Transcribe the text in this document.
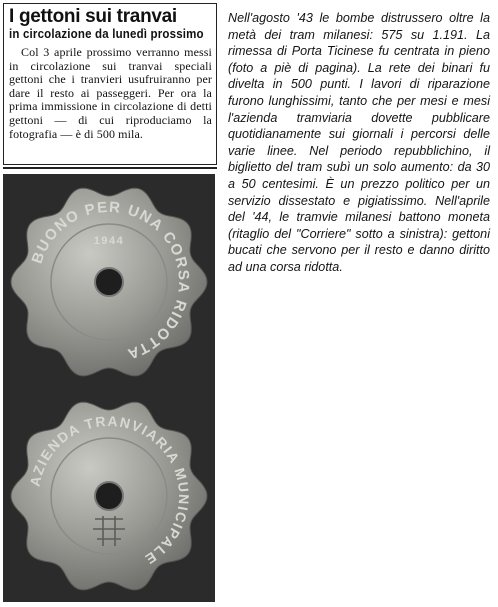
I gettoni sui tranvai
in circolazione da lunedì prossimo

Col 3 aprile prossimo verranno messi in circolazione sui tranvai speciali gettoni che i tranvieri usufruiranno per dare il resto ai passeggeri. Per ora la prima immissione in circolazione di detti gettoni — di cui riproduciamo la fotografia — è di 500 mila.

BUONO PER UNA CORSA RIDOTTA
1944
AZIENDA TRANVIARIA MUNICIPALE

Nell'agosto '43 le bombe distrussero oltre la metà dei tram milanesi: 575 su 1.191. La rimessa di Porta Ticinese fu centrata in pieno (foto a piè di pagina). La rete dei binari fu divelta in 500 punti. I lavori di riparazione furono lunghissimi, tanto che per mesi e mesi l'azienda tramviaria dovette pubblicare quotidianamente sui giornali i percorsi delle varie linee. Nel periodo repubblichino, il biglietto del tram subì un solo aumento: da 30 a 50 centesimi. È un prezzo politico per un servizio dissestato e pigiatissimo. Nell'aprile del '44, le tramvie milanesi battono moneta (ritaglio del "Corriere" sotto a sinistra): gettoni bucati che servono per il resto e danno diritto ad una corsa ridotta.
